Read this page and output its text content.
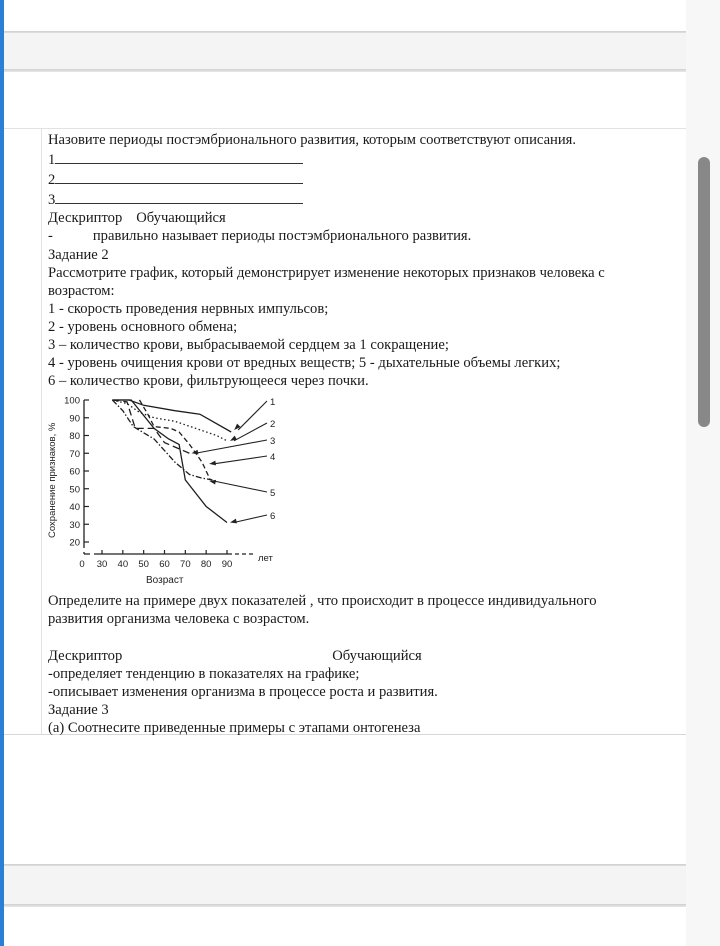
Назовите периоды постэмбрионального развития, которым соответствуют описания.

1

2

3

Дескриптор Обучающийся

-	правильно называет периоды постэмбрионального развития.

Задание 2

Рассмотрите график, который демонстрирует изменение некоторых признаков человека с

возрастом:

1 - скорость проведения нервных импульсов;

2 - уровень основного обмена;

3 – количество крови, выбрасываемой сердцем за 1 сокращение;

4 - уровень очищения крови от вредных веществ; 5 - дыхательные объемы легких;

6 – количество крови, фильтрующееся через почки.

20
30
40
50
60
70
80
90
100
0 30 40 50 60 70 80 90
1
2
3
4
5
6
Сохранение признаков, %
Возраст
лет

Определите на примере двух показателей , что происходит в процессе индивидуального

развития организма человека с возрастом.

Дескриптор	Обучающийся

-определяет тенденцию в показателях на графике;

-описывает изменения организма в процессе роста и развития.

Задание 3

(а) Соотнесите приведенные примеры с этапами онтогенеза
